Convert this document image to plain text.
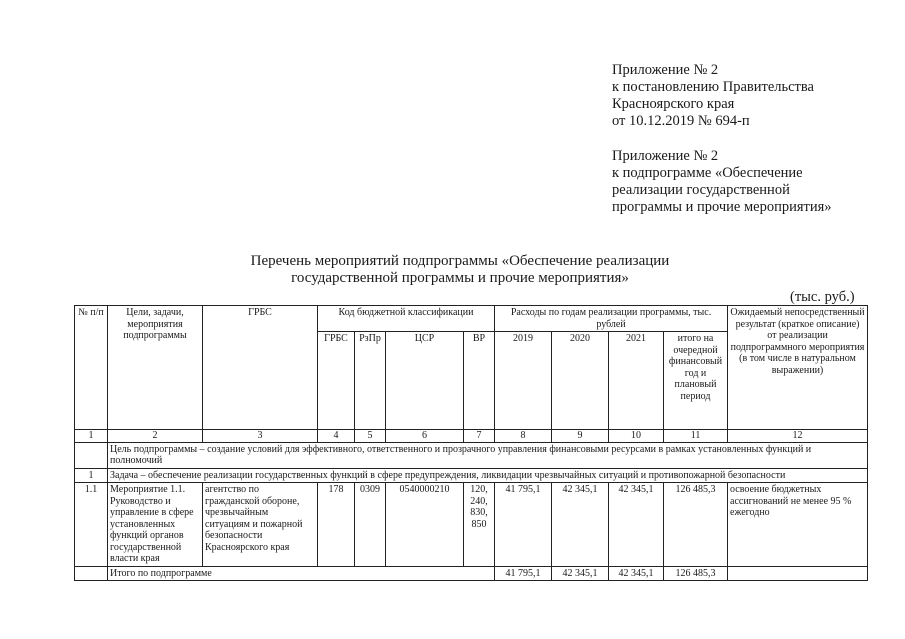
Приложение № 2
к постановлению Правительства
Красноярского края
от 10.12.2019 № 694-п
Приложение № 2
к подпрограмме «Обеспечение
реализации государственной
программы и прочие мероприятия»
Перечень мероприятий подпрограммы «Обеспечение реализации
государственной программы и прочие мероприятия»
(тыс. руб.)
№ п/п	Цели, задачи, мероприятия подпрограммы	ГРБС	Код бюджетной классификации				Расходы по годам реализации программы, тыс. рублей				Ожидаемый непосредственный результат (краткое описание) от реализации подпрограммного мероприятия (в том числе в натуральном выражении)
			ГРБС	РзПр	ЦСР	ВР	2019	2020	2021	итого на очередной финансовый год и плановый период	
1	2	3	4	5	6	7	8	9	10	11	12
	Цель подпрограммы – создание условий для эффективного, ответственного и прозрачного управления финансовыми ресурсами в рамках установленных функций и полномочий										
1	Задача – обеспечение реализации государственных функций в сфере предупреждения, ликвидации чрезвычайных ситуаций и противопожарной безопасности										
1.1	Мероприятие 1.1. Руководство и управление в сфере установленных функций органов государственной власти края	агентство по гражданской обороне, чрезвычайным ситуациям и пожарной безопасности Красноярского края	178	0309	0540000210	120, 240, 830, 850	41 795,1	42 345,1	42 345,1	126 485,3	освоение бюджетных ассигнований не менее 95 % ежегодно
	Итого по подпрограмме						41 795,1	42 345,1	42 345,1	126 485,3	
